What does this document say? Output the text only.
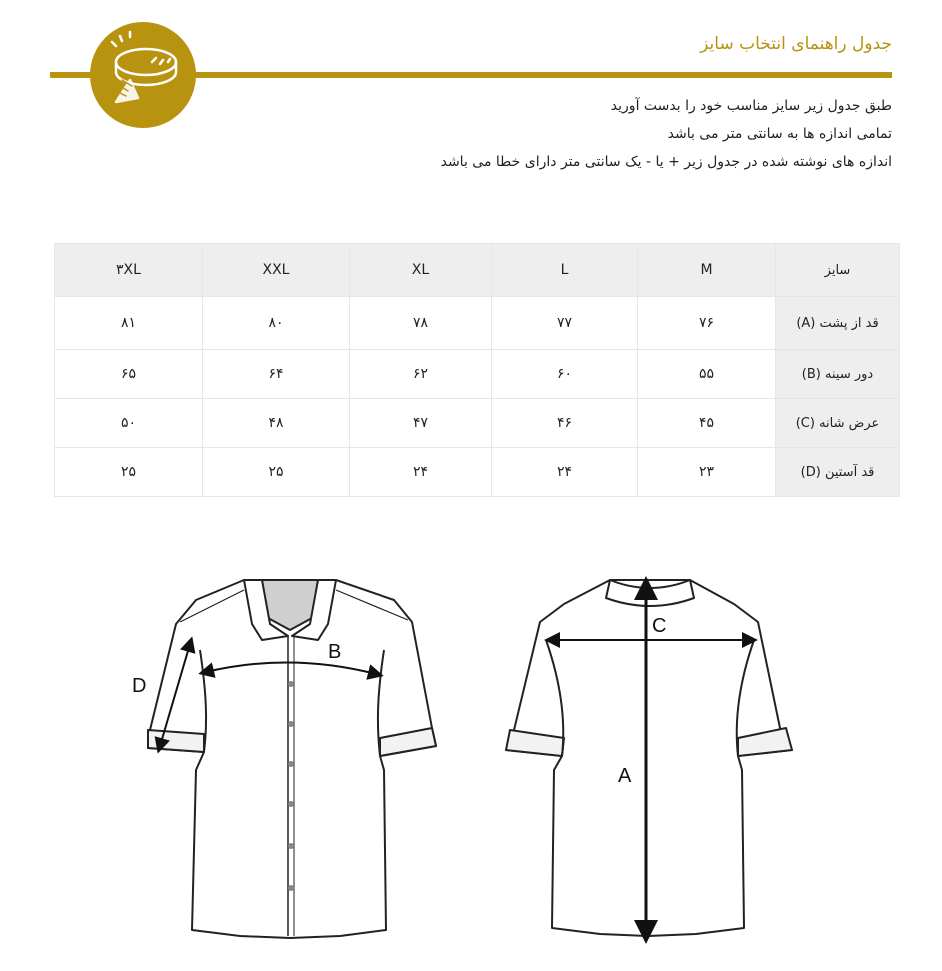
جدول راهنمای انتخاب سایز
طبق جدول زیر سایز مناسب خود را بدست آورید
تمامی اندازه ها به سانتی متر می باشد
اندازه های نوشته شده در جدول زیر + یا - یک سانتی متر دارای خطا می باشد
سایز	M	L	XL	XXL	۳XL
قد از پشت (A)	۷۶	۷۷	۷۸	۸۰	۸۱
دور سینه (B)	۵۵	۶۰	۶۲	۶۴	۶۵
عرض شانه (C)	۴۵	۴۶	۴۷	۴۸	۵۰
قد آستین (D)	۲۳	۲۴	۲۴	۲۵	۲۵
B
D
C
A
